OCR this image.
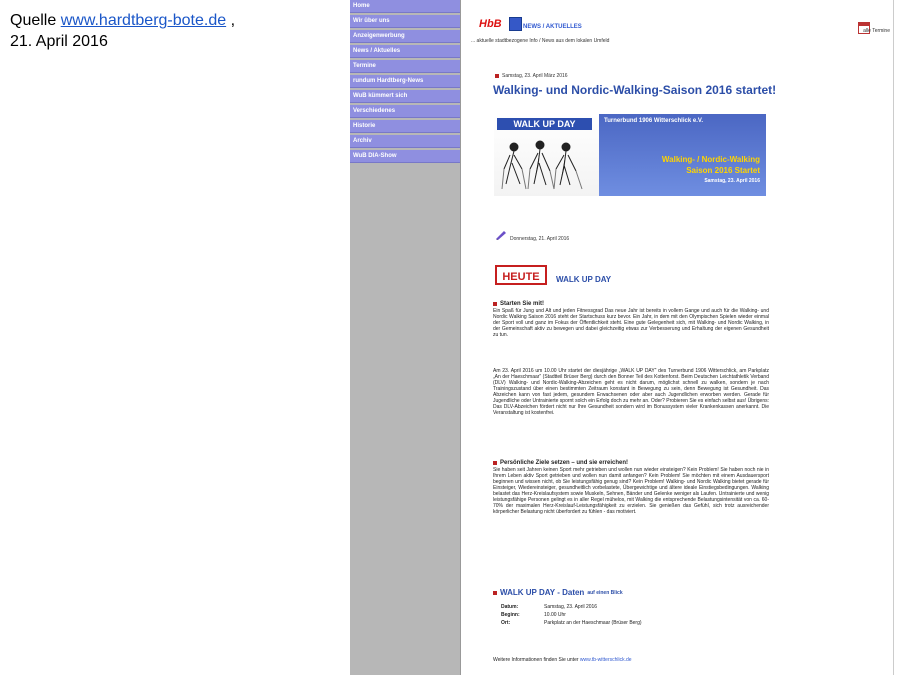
Quelle www.hardtberg-bote.de ,
21. April 2016
Home
Wir über uns
Anzeigenwerbung
News / Aktuelles
Termine
rundum Hardtberg-News
WuB kümmert sich
Verschiedenes
Historie
Archiv
WuB DIA-Show
HbB	NEWS / AKTUELLES
... aktuelle stadtbezogene Info / News aus dem lokalen Umfeld
alle Termine
Samstag, 23. April März 2016
Walking- und Nordic-Walking-Saison 2016 startet!
WALK UP DAY	Turnerbund 1906 Witterschlick e.V.
Walking- / Nordic-Walking
Saison 2016 Startet
Samstag, 23. April 2016
Donnerstag, 21. April 2016
HEUTE	WALK UP DAY
Starten Sie mit!
Ein Spaß für Jung und Alt und jeden Fitnessgrad Das neue Jahr ist bereits in vollem Gange und auch für die Walking- und Nordic Walking Saison 2016 steht der Startschuss kurz bevor. Ein Jahr, in dem mit den Olympischen Spielen wieder einmal der Sport voll und ganz im Fokus der Öffentlichkeit steht. Eine gute Gelegenheit sich, mit Walking- und Nordic Walking, in der Gemeinschaft aktiv zu bewegen und dabei gleichzeitig etwas zur Verbesserung und Erhaltung der eigenen Gesundheit zu tun.
Am 23. April 2016 um 10.00 Uhr startet der diesjährige „WALK UP DAY“ des Turnerbund 1906 Witterschlick, am Parkplatz „An der Haeschmaar“ (Stadtteil Brüser Berg) durch den Bonner Teil des Kottenforst. Beim Deutschen Leichtathletik Verband (DLV) Walking- und Nordic-Walking-Abzeichen geht es nicht darum, möglichst schnell zu walken, sondern je nach Trainingszustand über einen bestimmten Zeitraum konstant in Bewegung zu sein, denn Bewegung ist Gesundheit. Das Abzeichen kann von fast jedem, gesundem Erwachsenen oder aber auch Jugendlichen erworben werden. Gerade für Jugendliche oder Untrainierte spornt solch ein Erfolg doch zu mehr an. Oder? Probieren Sie es einfach selbst aus! Übrigens: Das DLV-Abzeichen fördert nicht nur Ihre Gesundheit sondern wird im Bonussystem vieler Krankenkassen anerkannt. Die Veranstaltung ist kostenfrei.
Persönliche Ziele setzen – und sie erreichen!
Sie haben seit Jahren keinen Sport mehr getrieben und wollen nun wieder einsteigen? Kein Problem! Sie haben noch nie in Ihrem Leben aktiv Sport getrieben und wollen nun damit anfangen? Kein Problem! Sie möchten mit einem Ausdauersport beginnen und wissen nicht, ob Sie leistungsfähig genug sind? Kein Problem! Walking- und Nordic Walking bietet gerade für Einsteiger, Wiedereinsteiger, gesundheitlich vorbelastete, Übergewichtige und ältere ideale Einstiegsbedingungen. Walking belastet das Herz-Kreislaufsystem sowie Muskeln, Sehnen, Bänder und Gelenke weniger als Laufen. Untrainierte und wenig leistungsfähige Personen gelingt es in aller Regel mühelos, mit Walking die entsprechende Belastungsintensität von ca. 60-70% der maximalen Herz-Kreislauf-Leistungsfähigkeit zu erzielen. Sie genießen das Gefühl, sich trotz ausreichender körperlicher Belastung nicht überfordert zu fühlen - das motiviert.
WALK UP DAY - Daten auf einen Blick
Datum:	Samstag, 23. April 2016
Beginn:	10.00 Uhr
Ort:	Parkplatz an der Haeschmaar (Brüser Berg)
Weitere Informationen finden Sie unter www.tb-witterschlick.de
